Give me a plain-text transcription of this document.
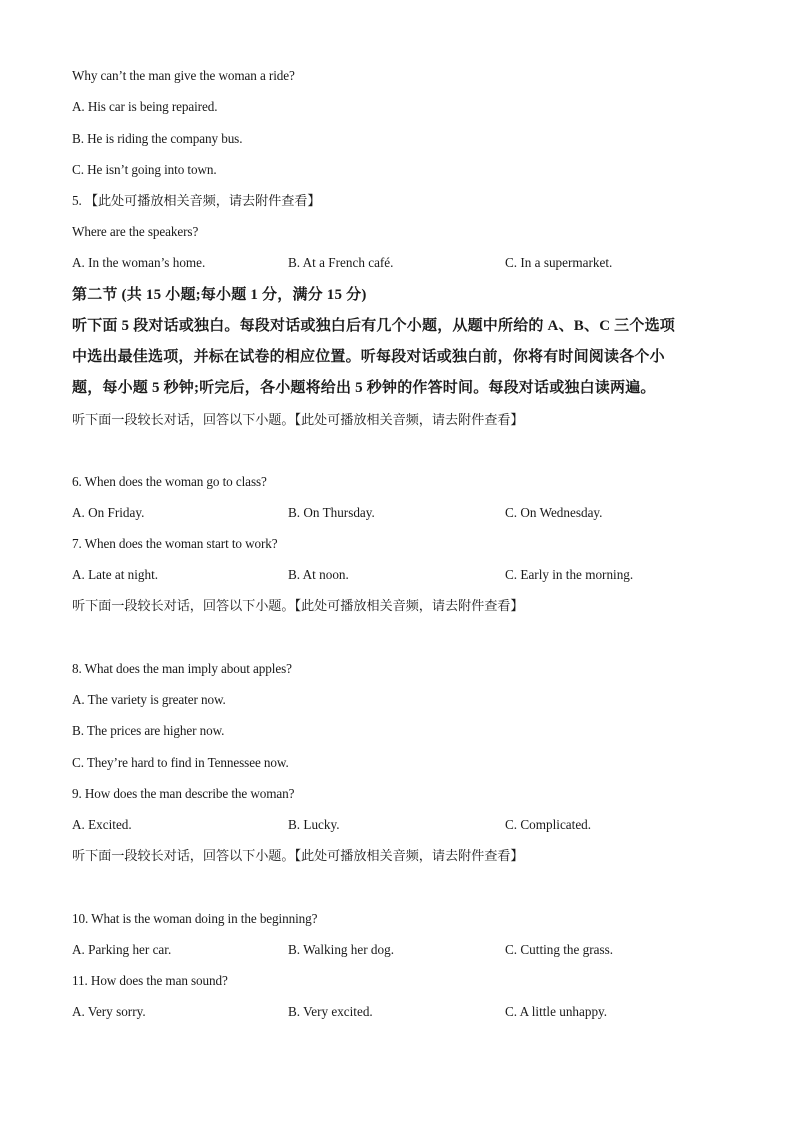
Why can’t the man give the woman a ride?
A. His car is being repaired.
B. He is riding the company bus.
C. He isn’t going into town.
5. 【此处可播放相关音频，请去附件查看】
Where are the speakers?
A. In the woman’s home.	B. At a French café.	C. In a supermarket.
第二节 (共 15 小题;每小题 1 分，满分 15 分)
听下面 5 段对话或独白。每段对话或独白后有几个小题，从题中所给的 A、B、C 三个选项
中选出最佳选项，并标在试卷的相应位置。听每段对话或独白前，你将有时间阅读各个小
题，每小题 5 秒钟;听完后，各小题将给出 5 秒钟的作答时间。每段对话或独白读两遍。
听下面一段较长对话，回答以下小题。【此处可播放相关音频，请去附件查看】
6. When does the woman go to class?
A. On Friday.	B. On Thursday.	C. On Wednesday.
7. When does the woman start to work?
A. Late at night.	B. At noon.	C. Early in the morning.
听下面一段较长对话，回答以下小题。【此处可播放相关音频，请去附件查看】
8. What does the man imply about apples?
A. The variety is greater now.
B. The prices are higher now.
C. They’re hard to find in Tennessee now.
9. How does the man describe the woman?
A. Excited.	B. Lucky.	C. Complicated.
听下面一段较长对话，回答以下小题。【此处可播放相关音频，请去附件查看】
10. What is the woman doing in the beginning?
A. Parking her car.	B. Walking her dog.	C. Cutting the grass.
11. How does the man sound?
A. Very sorry.	B. Very excited.	C. A little unhappy.
